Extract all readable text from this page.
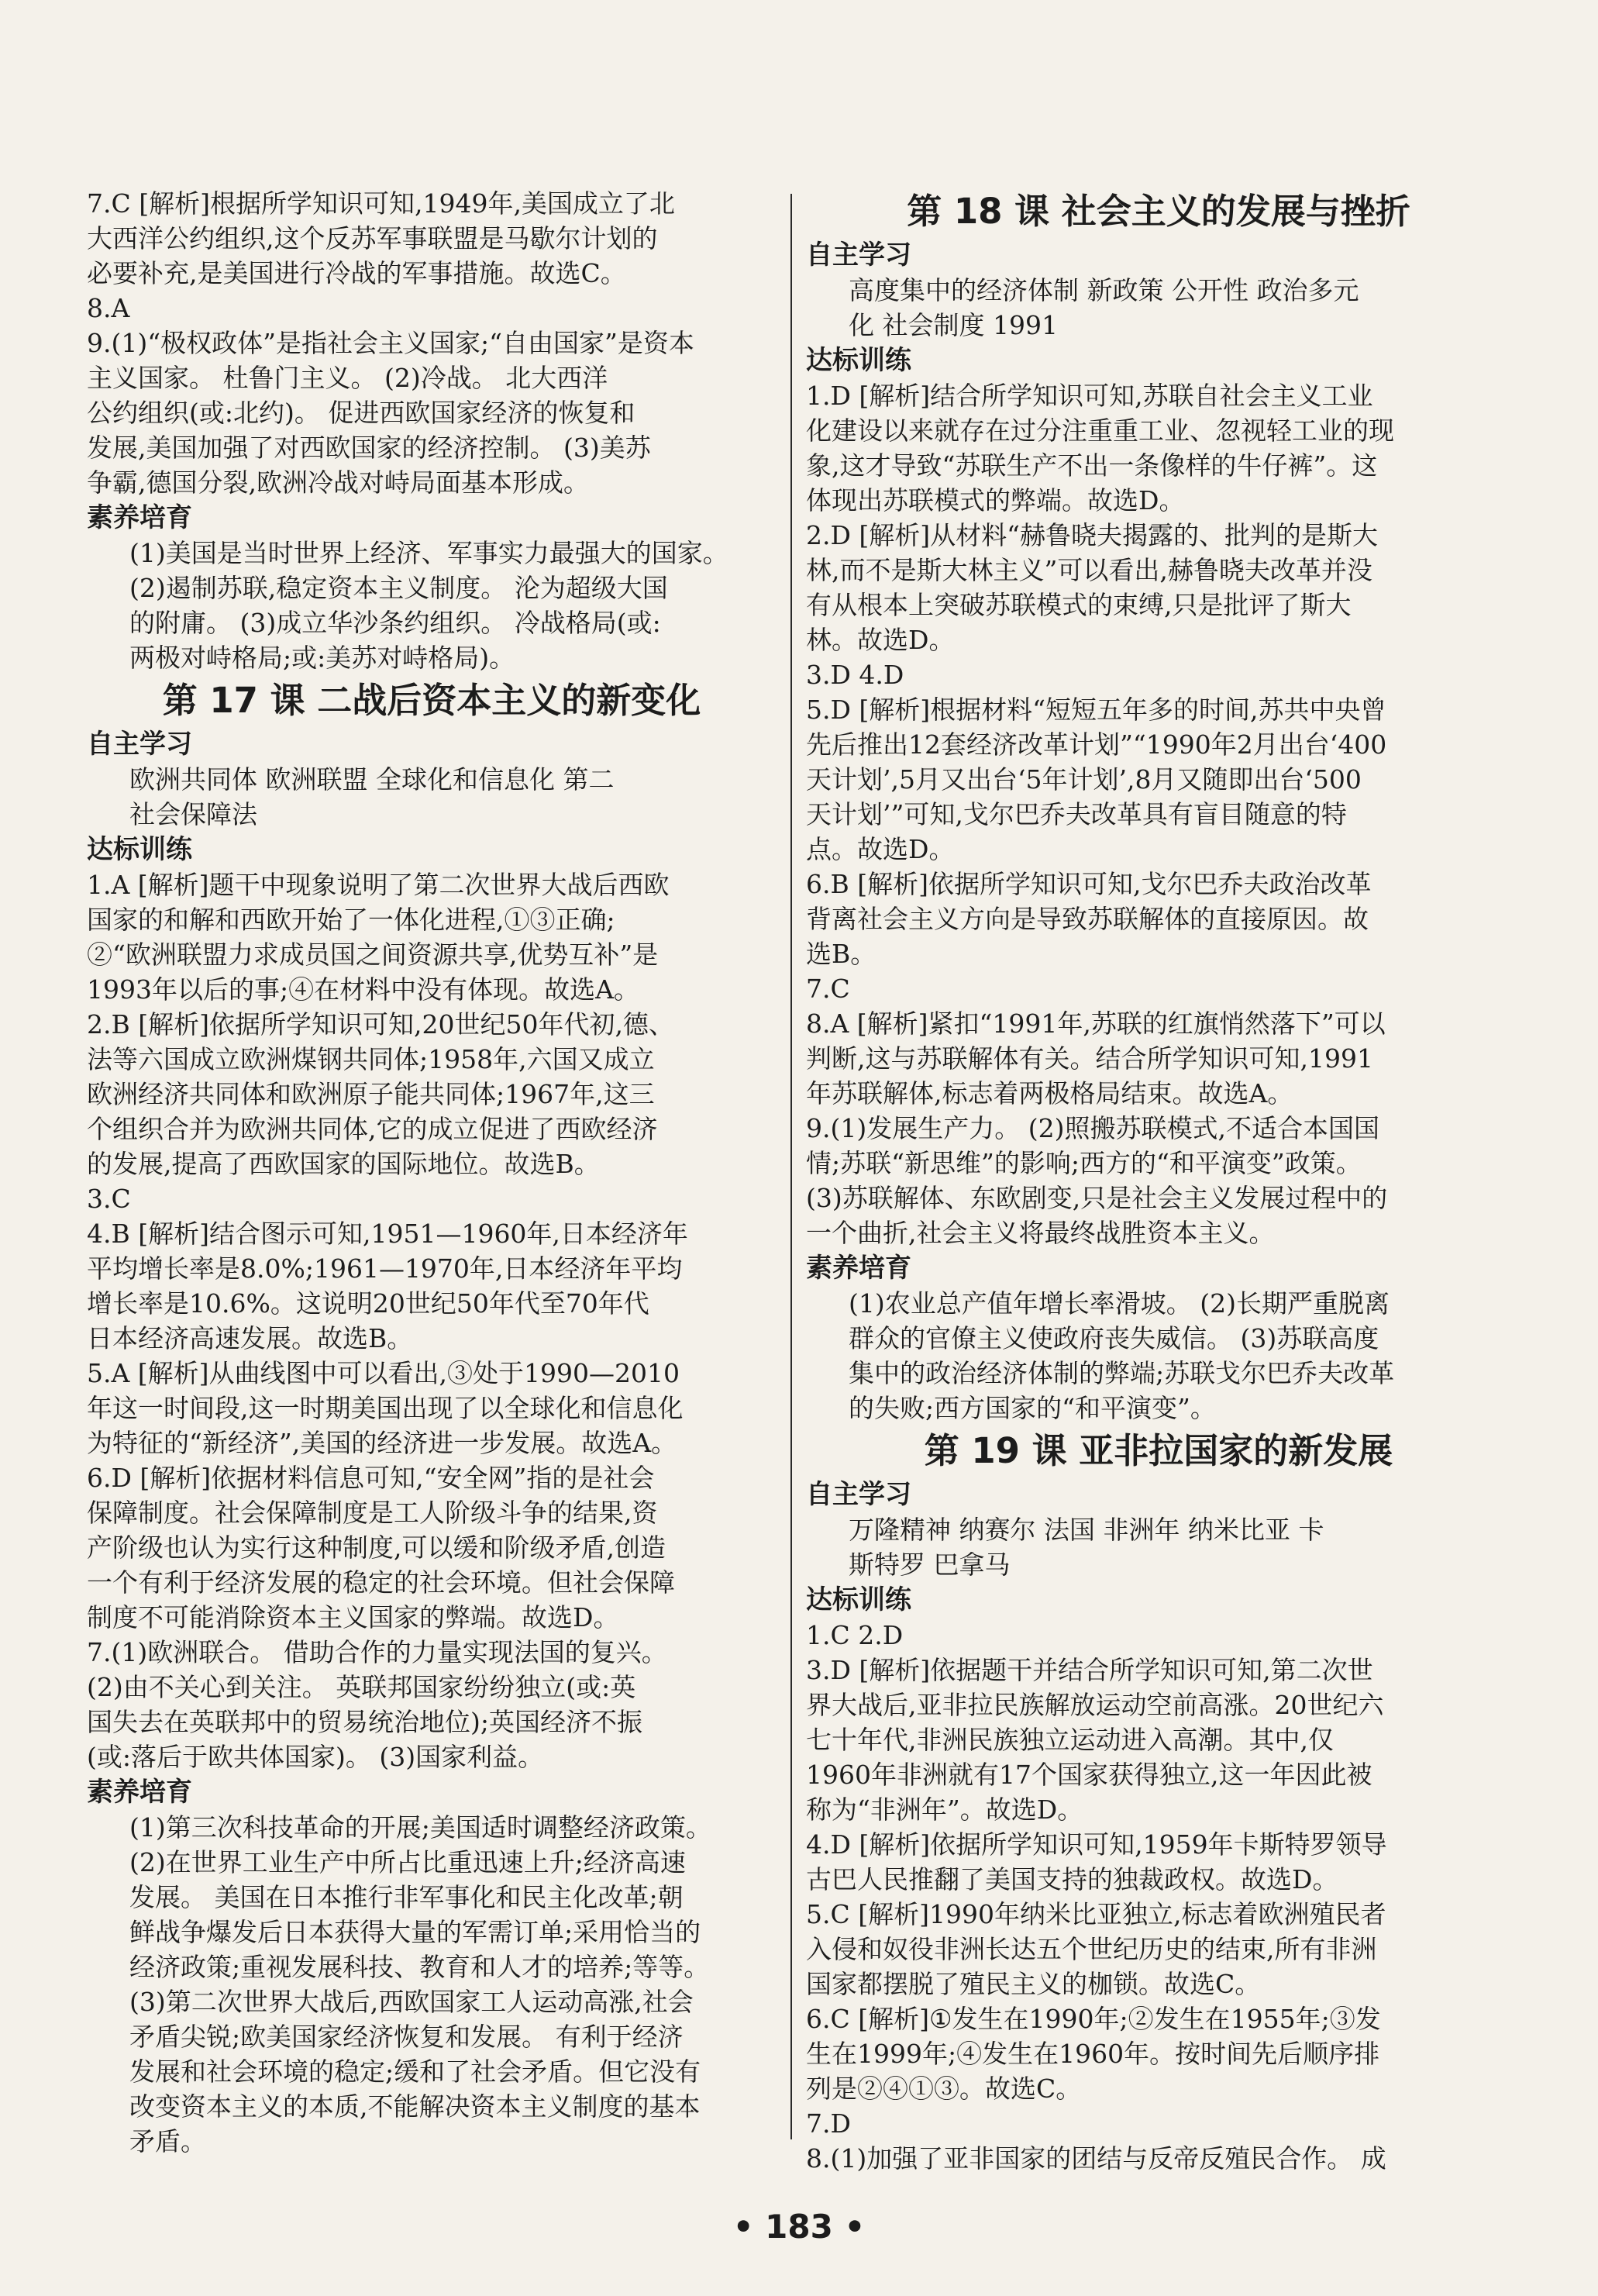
7.C [解析]根据所学知识可知,1949年,美国成立了北
大西洋公约组织,这个反苏军事联盟是马歇尔计划的
必要补充,是美国进行冷战的军事措施。故选C。
8.A
9.(1)“极权政体”是指社会主义国家;“自由国家”是资本
主义国家。 杜鲁门主义。 (2)冷战。 北大西洋
公约组织(或:北约)。 促进西欧国家经济的恢复和
发展,美国加强了对西欧国家的经济控制。 (3)美苏
争霸,德国分裂,欧洲冷战对峙局面基本形成。
素养培育
(1)美国是当时世界上经济、军事实力最强大的国家。
(2)遏制苏联,稳定资本主义制度。 沦为超级大国
的附庸。 (3)成立华沙条约组织。 冷战格局(或:
两极对峙格局;或:美苏对峙格局)。
第 17 课 二战后资本主义的新变化
自主学习
欧洲共同体 欧洲联盟 全球化和信息化 第二
社会保障法
达标训练
1.A [解析]题干中现象说明了第二次世界大战后西欧
国家的和解和西欧开始了一体化进程,①③正确;
②“欧洲联盟力求成员国之间资源共享,优势互补”是
1993年以后的事;④在材料中没有体现。故选A。
2.B [解析]依据所学知识可知,20世纪50年代初,德、
法等六国成立欧洲煤钢共同体;1958年,六国又成立
欧洲经济共同体和欧洲原子能共同体;1967年,这三
个组织合并为欧洲共同体,它的成立促进了西欧经济
的发展,提高了西欧国家的国际地位。故选B。
3.C
4.B [解析]结合图示可知,1951—1960年,日本经济年
平均增长率是8.0%;1961—1970年,日本经济年平均
增长率是10.6%。这说明20世纪50年代至70年代
日本经济高速发展。故选B。
5.A [解析]从曲线图中可以看出,③处于1990—2010
年这一时间段,这一时期美国出现了以全球化和信息化
为特征的“新经济”,美国的经济进一步发展。故选A。
6.D [解析]依据材料信息可知,“安全网”指的是社会
保障制度。社会保障制度是工人阶级斗争的结果,资
产阶级也认为实行这种制度,可以缓和阶级矛盾,创造
一个有利于经济发展的稳定的社会环境。但社会保障
制度不可能消除资本主义国家的弊端。故选D。
7.(1)欧洲联合。 借助合作的力量实现法国的复兴。
(2)由不关心到关注。 英联邦国家纷纷独立(或:英
国失去在英联邦中的贸易统治地位);英国经济不振
(或:落后于欧共体国家)。 (3)国家利益。
素养培育
(1)第三次科技革命的开展;美国适时调整经济政策。
(2)在世界工业生产中所占比重迅速上升;经济高速
发展。 美国在日本推行非军事化和民主化改革;朝
鲜战争爆发后日本获得大量的军需订单;采用恰当的
经济政策;重视发展科技、教育和人才的培养;等等。
(3)第二次世界大战后,西欧国家工人运动高涨,社会
矛盾尖锐;欧美国家经济恢复和发展。 有利于经济
发展和社会环境的稳定;缓和了社会矛盾。但它没有
改变资本主义的本质,不能解决资本主义制度的基本
矛盾。
第 18 课 社会主义的发展与挫折
自主学习
高度集中的经济体制 新政策 公开性 政治多元
化 社会制度 1991
达标训练
1.D [解析]结合所学知识可知,苏联自社会主义工业
化建设以来就存在过分注重重工业、忽视轻工业的现
象,这才导致“苏联生产不出一条像样的牛仔裤”。这
体现出苏联模式的弊端。故选D。
2.D [解析]从材料“赫鲁晓夫揭露的、批判的是斯大
林,而不是斯大林主义”可以看出,赫鲁晓夫改革并没
有从根本上突破苏联模式的束缚,只是批评了斯大
林。故选D。
3.D 4.D
5.D [解析]根据材料“短短五年多的时间,苏共中央曾
先后推出12套经济改革计划”“1990年2月出台‘400
天计划’,5月又出台‘5年计划’,8月又随即出台‘500
天计划’”可知,戈尔巴乔夫改革具有盲目随意的特
点。故选D。
6.B [解析]依据所学知识可知,戈尔巴乔夫政治改革
背离社会主义方向是导致苏联解体的直接原因。故
选B。
7.C
8.A [解析]紧扣“1991年,苏联的红旗悄然落下”可以
判断,这与苏联解体有关。结合所学知识可知,1991
年苏联解体,标志着两极格局结束。故选A。
9.(1)发展生产力。 (2)照搬苏联模式,不适合本国国
情;苏联“新思维”的影响;西方的“和平演变”政策。
(3)苏联解体、东欧剧变,只是社会主义发展过程中的
一个曲折,社会主义将最终战胜资本主义。
素养培育
(1)农业总产值年增长率滑坡。 (2)长期严重脱离
群众的官僚主义使政府丧失威信。 (3)苏联高度
集中的政治经济体制的弊端;苏联戈尔巴乔夫改革
的失败;西方国家的“和平演变”。
第 19 课 亚非拉国家的新发展
自主学习
万隆精神 纳赛尔 法国 非洲年 纳米比亚 卡
斯特罗 巴拿马
达标训练
1.C 2.D
3.D [解析]依据题干并结合所学知识可知,第二次世
界大战后,亚非拉民族解放运动空前高涨。20世纪六
七十年代,非洲民族独立运动进入高潮。其中,仅
1960年非洲就有17个国家获得独立,这一年因此被
称为“非洲年”。故选D。
4.D [解析]依据所学知识可知,1959年卡斯特罗领导
古巴人民推翻了美国支持的独裁政权。故选D。
5.C [解析]1990年纳米比亚独立,标志着欧洲殖民者
入侵和奴役非洲长达五个世纪历史的结束,所有非洲
国家都摆脱了殖民主义的枷锁。故选C。
6.C [解析]①发生在1990年;②发生在1955年;③发
生在1999年;④发生在1960年。按时间先后顺序排
列是②④①③。故选C。
7.D
8.(1)加强了亚非国家的团结与反帝反殖民合作。 成
• 183 •
